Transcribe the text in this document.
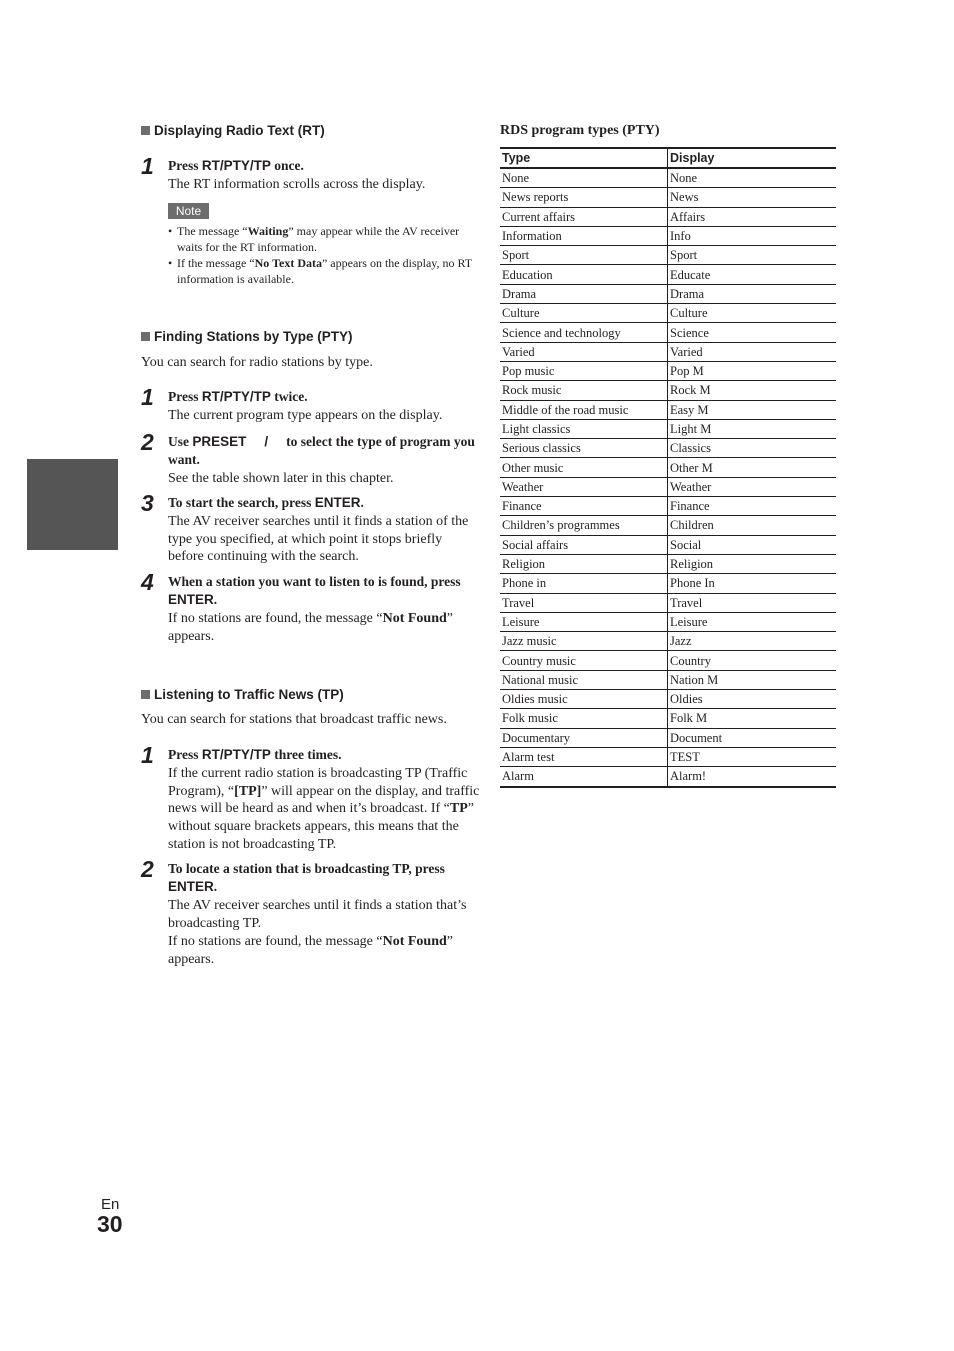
Displaying Radio Text (RT)
1 Press RT/PTY/TP once.

The RT information scrolls across the display.

Note
• The message “Waiting” may appear while the AV receiver waits for the RT information.
• If the message “No Text Data” appears on the display, no RT information is available.
Finding Stations by Type (PTY)
You can search for radio stations by type.
1 Press RT/PTY/TP twice.

The current program type appears on the display.

2 Use PRESET / to select the type of program you want.

See the table shown later in this chapter.

3 To start the search, press ENTER.

The AV receiver searches until it finds a station of the type you specified, at which point it stops briefly before continuing with the search.

4 When a station you want to listen to is found, press ENTER.

If no stations are found, the message “Not Found” appears.

Listening to Traffic News (TP)
You can search for stations that broadcast traffic news.
1 Press RT/PTY/TP three times.

If the current radio station is broadcasting TP (Traffic Program), “[TP]” will appear on the display, and traffic news will be heard as and when it’s broadcast. If “TP” without square brackets appears, this means that the station is not broadcasting TP.

2 To locate a station that is broadcasting TP, press ENTER.

The AV receiver searches until it finds a station that’s broadcasting TP.

If no stations are found, the message “Not Found” appears.

RDS program types (PTY)
Type	Display
None	None
News reports	News
Current affairs	Affairs
Information	Info
Sport	Sport
Education	Educate
Drama	Drama
Culture	Culture
Science and technology	Science
Varied	Varied
Pop music	Pop M
Rock music	Rock M
Middle of the road music	Easy M
Light classics	Light M
Serious classics	Classics
Other music	Other M
Weather	Weather
Finance	Finance
Children’s programmes	Children
Social affairs	Social
Religion	Religion
Phone in	Phone In
Travel	Travel
Leisure	Leisure
Jazz music	Jazz
Country music	Country
National music	Nation M
Oldies music	Oldies
Folk music	Folk M
Documentary	Document
Alarm test	TEST
Alarm	Alarm!
En
30
